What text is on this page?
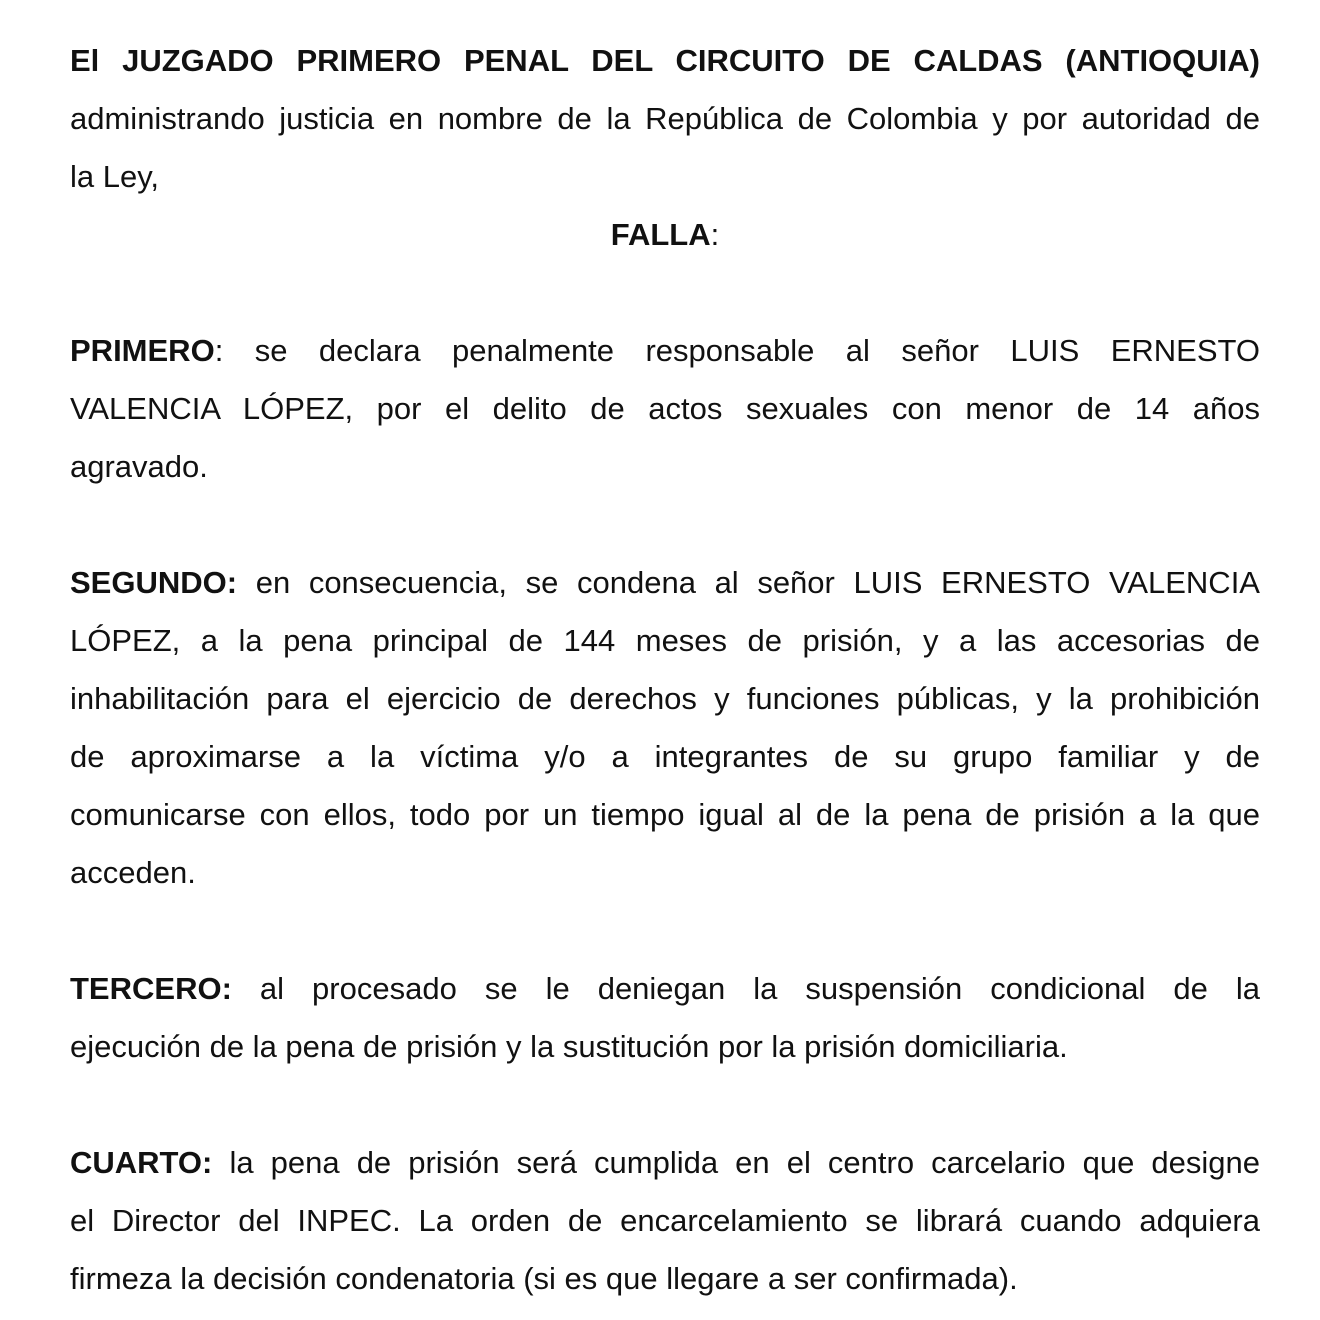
El JUZGADO PRIMERO PENAL DEL CIRCUITO DE CALDAS (ANTIOQUIA)
administrando justicia en nombre de la República de Colombia y por autoridad de
la Ley,
FALLA:
PRIMERO: se declara penalmente responsable al señor LUIS ERNESTO
VALENCIA LÓPEZ, por el delito de actos sexuales con menor de 14 años
agravado.
SEGUNDO: en consecuencia, se condena al señor LUIS ERNESTO VALENCIA
LÓPEZ, a la pena principal de 144 meses de prisión, y a las accesorias de
inhabilitación para el ejercicio de derechos y funciones públicas, y la prohibición
de aproximarse a la víctima y/o a integrantes de su grupo familiar y de
comunicarse con ellos, todo por un tiempo igual al de la pena de prisión a la que
acceden.
TERCERO: al procesado se le deniegan la suspensión condicional de la
ejecución de la pena de prisión y la sustitución por la prisión domiciliaria.
CUARTO: la pena de prisión será cumplida en el centro carcelario que designe
el Director del INPEC. La orden de encarcelamiento se librará cuando adquiera
firmeza la decisión condenatoria (si es que llegare a ser confirmada).
